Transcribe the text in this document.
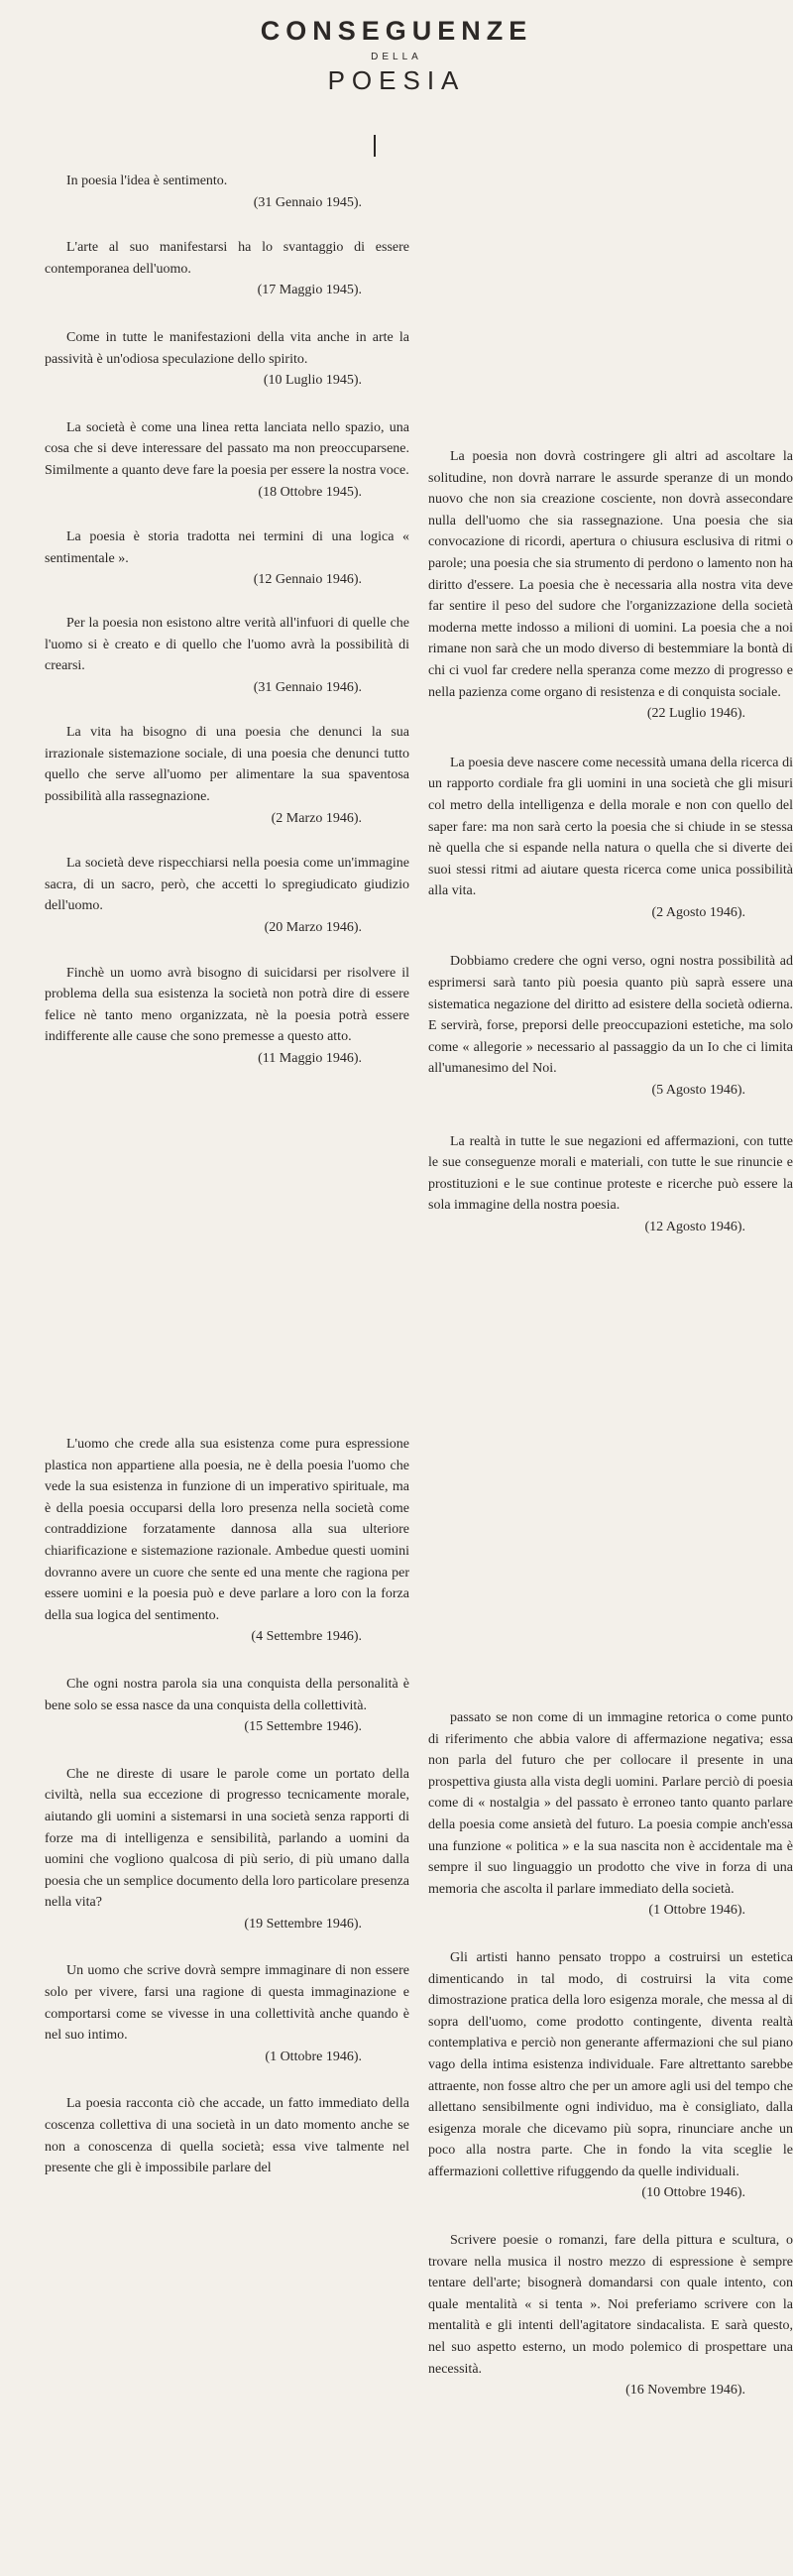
CONSEGUENZE
DELLA
POESIA

In poesia l'idea è sentimento.

(31 Gennaio 1945).

L'arte al suo manifestarsi ha lo svantaggio di essere contemporanea dell'uomo.

(17 Maggio 1945).

Come in tutte le manifestazioni della vita anche in arte la passività è un'odiosa speculazione dello spirito.

(10 Luglio 1945).

La società è come una linea retta lanciata nello spazio, una cosa che si deve interessare del passato ma non preoccuparsene. Similmente a quanto deve fare la poesia per essere la nostra voce.

(18 Ottobre 1945).

La poesia è storia tradotta nei termini di una logica « sentimentale ».

(12 Gennaio 1946).

Per la poesia non esistono altre verità all'infuori di quelle che l'uomo si è creato e di quello che l'uomo avrà la possibilità di crearsi.

(31 Gennaio 1946).

La vita ha bisogno di una poesia che denunci la sua irrazionale sistemazione sociale, di una poesia che denunci tutto quello che serve all'uomo per alimentare la sua spaventosa possibilità alla rassegnazione.

(2 Marzo 1946).

La società deve rispecchiarsi nella poesia come un'immagine sacra, di un sacro, però, che accetti lo spregiudicato giudizio dell'uomo.

(20 Marzo 1946).

Finchè un uomo avrà bisogno di suicidarsi per risolvere il problema della sua esistenza la società non potrà dire di essere felice nè tanto meno organizzata, nè la poesia potrà essere indifferente alle cause che sono premesse a questo atto.

(11 Maggio 1946).

La poesia non dovrà costringere gli altri ad ascoltare la solitudine, non dovrà narrare le assurde speranze di un mondo nuovo che non sia creazione cosciente, non dovrà assecondare nulla dell'uomo che sia rassegnazione. Una poesia che sia convocazione di ricordi, apertura o chiusura esclusiva di ritmi o parole; una poesia che sia strumento di perdono o lamento non ha diritto d'essere. La poesia che è necessaria alla nostra vita deve far sentire il peso del sudore che l'organizzazione della società moderna mette indosso a milioni di uomini. La poesia che a noi rimane non sarà che un modo diverso di bestemmiare la bontà di chi ci vuol far credere nella speranza come mezzo di progresso e nella pazienza come organo di resistenza e di conquista sociale.

(22 Luglio 1946).

La poesia deve nascere come necessità umana della ricerca di un rapporto cordiale fra gli uomini in una società che gli misuri col metro della intelligenza e della morale e non con quello del saper fare: ma non sarà certo la poesia che si chiude in se stessa nè quella che si espande nella natura o quella che si diverte dei suoi stessi ritmi ad aiutare questa ricerca come unica possibilità alla vita.

(2 Agosto 1946).

Dobbiamo credere che ogni verso, ogni nostra possibilità ad esprimersi sarà tanto più poesia quanto più saprà essere una sistematica negazione del diritto ad esistere della società odierna. E servirà, forse, preporsi delle preoccupazioni estetiche, ma solo come « allegorie » necessario al passaggio da un Io che ci limita all'umanesimo del Noi.

(5 Agosto 1946).

La realtà in tutte le sue negazioni ed affermazioni, con tutte le sue conseguenze morali e materiali, con tutte le sue rinuncie e prostituzioni e le sue continue proteste e ricerche può essere la sola immagine della nostra poesia.

(12 Agosto 1946).

L'uomo che crede alla sua esistenza come pura espressione plastica non appartiene alla poesia, ne è della poesia l'uomo che vede la sua esistenza in funzione di un imperativo spirituale, ma è della poesia occuparsi della loro presenza nella società come contraddizione forzatamente dannosa alla sua ulteriore chiarificazione e sistemazione razionale. Ambedue questi uomini dovranno avere un cuore che sente ed una mente che ragiona per essere uomini e la poesia può e deve parlare a loro con la forza della sua logica del sentimento.

(4 Settembre 1946).

Che ogni nostra parola sia una conquista della personalità è bene solo se essa nasce da una conquista della collettività.

(15 Settembre 1946).

Che ne direste di usare le parole come un portato della civiltà, nella sua eccezione di progresso tecnicamente morale, aiutando gli uomini a sistemarsi in una società senza rapporti di forze ma di intelligenza e sensibilità, parlando a uomini da uomini che vogliono qualcosa di più serio, di più umano dalla poesia che un semplice documento della loro particolare presenza nella vita?

(19 Settembre 1946).

Un uomo che scrive dovrà sempre immaginare di non essere solo per vivere, farsi una ragione di questa immaginazione e comportarsi come se vivesse in una collettività anche quando è nel suo intimo.

(1 Ottobre 1946).

La poesia racconta ciò che accade, un fatto immediato della coscenza collettiva di una società in un dato momento anche se non a conoscenza di quella società; essa vive talmente nel presente che gli è impossibile parlare del

passato se non come di un immagine retorica o come punto di riferimento che abbia valore di affermazione negativa; essa non parla del futuro che per collocare il presente in una prospettiva giusta alla vista degli uomini. Parlare perciò di poesia come di « nostalgia » del passato è erroneo tanto quanto parlare della poesia come ansietà del futuro. La poesia compie anch'essa una funzione « politica » e la sua nascita non è accidentale ma è sempre il suo linguaggio un prodotto che vive in forza di una memoria che ascolta il parlare immediato della società.

(1 Ottobre 1946).

Gli artisti hanno pensato troppo a costruirsi un estetica dimenticando in tal modo, di costruirsi la vita come dimostrazione pratica della loro esigenza morale, che messa al di sopra dell'uomo, come prodotto contingente, diventa realtà contemplativa e perciò non generante affermazioni che sul piano vago della intima esistenza individuale. Fare altrettanto sarebbe attraente, non fosse altro che per un amore agli usi del tempo che allettano sensibilmente ogni individuo, ma è consigliato, dalla esigenza morale che dicevamo più sopra, rinunciare anche un poco alla nostra parte. Che in fondo la vita sceglie le affermazioni collettive rifuggendo da quelle individuali.

(10 Ottobre 1946).

Scrivere poesie o romanzi, fare della pittura e scultura, o trovare nella musica il nostro mezzo di espressione è sempre tentare dell'arte; bisognerà domandarsi con quale intento, con quale mentalità « si tenta ». Noi preferiamo scrivere con la mentalità e gli intenti dell'agitatore sindacalista. E sarà questo, nel suo aspetto esterno, un modo polemico di prospettare una necessità.

(16 Novembre 1946).
